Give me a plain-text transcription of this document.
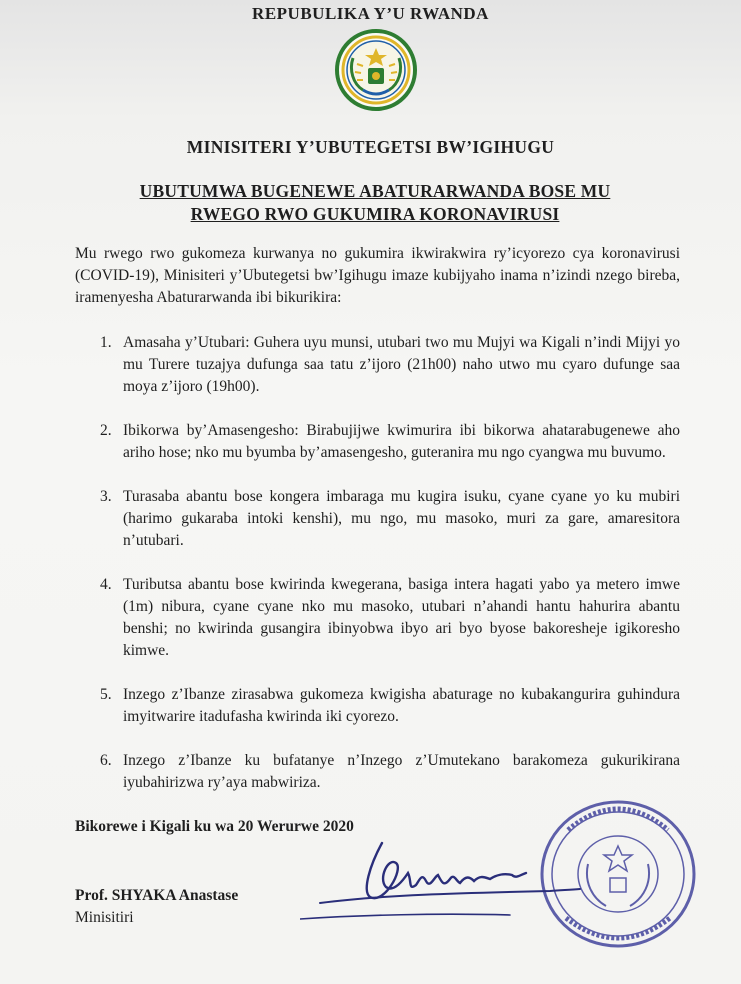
REPUBULIKA Y’U RWANDA
MINISITERI Y’UBUTEGETSI BW’IGIHUGU
UBUTUMWA BUGENEWE ABATURARWANDA BOSE MU
RWEGO RWO GUKUMIRA KORONAVIRUSI
Mu rwego rwo gukomeza kurwanya no gukumira ikwirakwira ry’icyorezo cya koronavirusi (COVID-19), Minisiteri y’Ubutegetsi bw’Igihugu imaze kubijyaho inama n’izindi nzego bireba, iramenyesha Abaturarwanda ibi bikurikira:
1. Amasaha y’Utubari: Guhera uyu munsi, utubari two mu Mujyi wa Kigali n’indi Mijyi yo mu Turere tuzajya dufunga saa tatu z’ijoro (21h00) naho utwo mu cyaro dufunge saa moya z’ijoro (19h00).
2. Ibikorwa by’Amasengesho: Birabujijwe kwimurira ibi bikorwa ahatarabugenewe aho ariho hose; nko mu byumba by’amasengesho, guteranira mu ngo cyangwa mu buvumo.
3. Turasaba abantu bose kongera imbaraga mu kugira isuku, cyane cyane yo ku mubiri (harimo gukaraba intoki kenshi), mu ngo, mu masoko, muri za gare, amaresitora n’utubari.
4. Tuributsa abantu bose kwirinda kwegerana, basiga intera hagati yabo ya metero imwe (1m) nibura, cyane cyane nko mu masoko, utubari n’ahandi hantu hahurira abantu benshi; no kwirinda gusangira ibinyobwa ibyo ari byo byose bakoresheje igikoresho kimwe.
5. Inzego z’Ibanze zirasabwa gukomeza kwigisha abaturage no kubakangurira guhindura imyitwarire itadufasha kwirinda iki cyorezo.
6. Inzego z’Ibanze ku bufatanye n’Inzego z’Umutekano barakomeza gukurikirana iyubahirizwa ry’aya mabwiriza.
Bikorewe i Kigali ku wa 20 Werurwe 2020
Prof. SHYAKA Anastase
Minisitiri
